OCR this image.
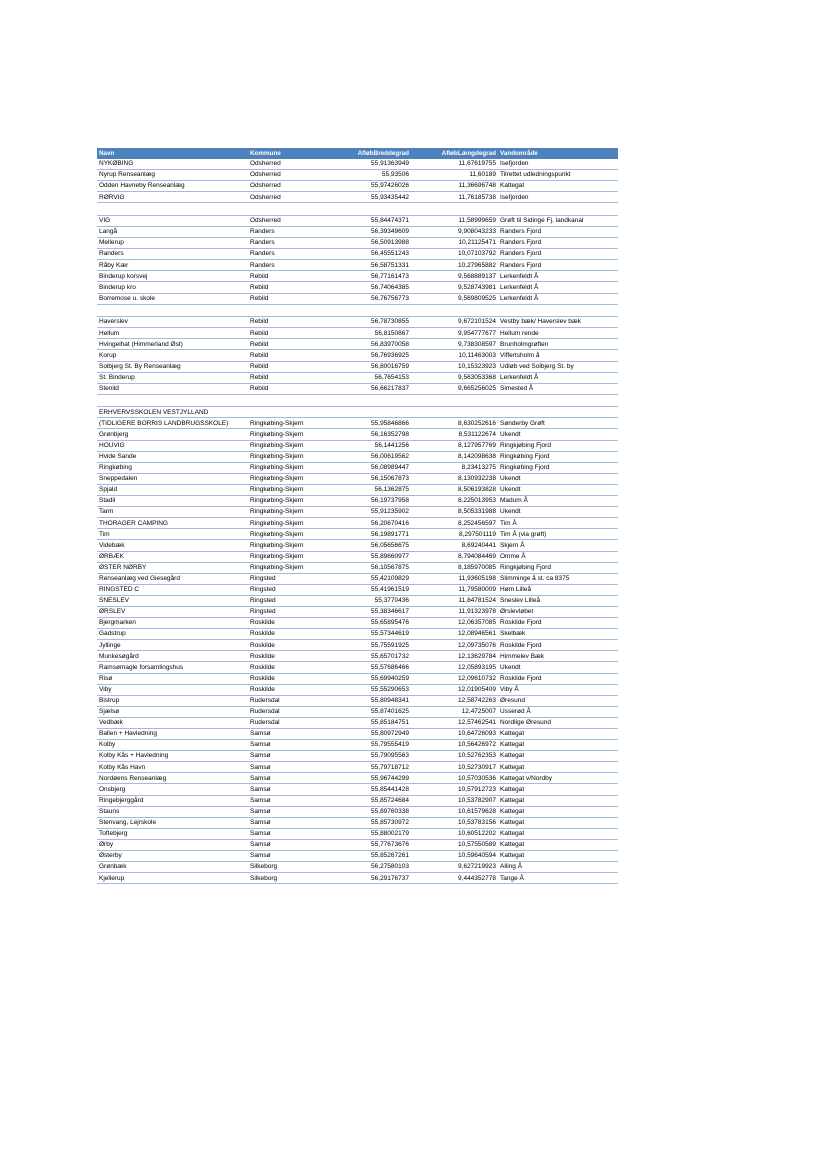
Navn	Kommune	AfløbBreddegrad	AfløbLængdegrad	Vandområde
NYKØBING	Odsherred	55,91363949	11,67619755	Isefjorden
Nyrup Renseanlæg	Odsherred	55,93506	11,60189	Tilrettet udledningspunkt
Odden Havneby Renseanlæg	Odsherred	55,97426026	11,36696748	Kattegat
RØRVIG	Odsherred	55,93435442	11,76185738	Isefjorden

VIG	Odsherred	55,84474371	11,58999659	Grøft til Sidinge Fj. landkanal
Langå	Randers	56,39349609	9,908043233	Randers Fjord
Mellerup	Randers	56,50913988	10,21125471	Randers Fjord
Randers	Randers	56,45551243	10,07103792	Randers Fjord
Råby Kær	Randers	56,58751331	10,27965882	Randers Fjord
Binderup korsvej	Rebild	56,77161473	9,568889137	Lerkenfeldt Å
Binderup kro	Rebild	56,74064385	9,528743981	Lerkenfeldt Å
Borremose u. skole	Rebild	56,76756773	9,569809525	Lerkenfeldt Å

Haverslev	Rebild	56,78730855	9,672101524	Vestby bæk/ Haverslev bæk
Hellum	Rebild	56,8150867	9,954777677	Hellum rende
Hvingelhat (Himmerland Øst)	Rebild	56,83970058	9,738308597	Brunholmgrøften
Korup	Rebild	56,76936925	10,11463003	Viffertsholm å
Solbjerg St. By Renseanlæg	Rebild	56,80016759	10,15323923	Udløb ved Solbjerg St. by
St. Binderup	Rebild	56,7654153	9,563053368	Lerkenfeldt Å
Stenild	Rebild	56,66217837	9,665256025	Simested Å

ERHVERVSSKOLEN VESTJYLLAND				
(TIDLIGERE BORRIS LANDBRUGSSKOLE)	Ringkøbing-Skjern	55,95846866	8,630252616	Sønderby Grøft
Grønbjerg	Ringkøbing-Skjern	56,16352798	8,531122674	Ukendt
HOUVIG	Ringkøbing-Skjern	56,1441256	8,127957769	Ringkjøbing Fjord
Hvide Sande	Ringkøbing-Skjern	56,00619562	8,142098638	Ringkøbing Fjord
Ringkøbing	Ringkøbing-Skjern	56,08989447	8,23413275	Ringkøbing Fjord
Sneppedalen	Ringkøbing-Skjern	56,15067873	8,130932238	Ukendt
Spjald	Ringkøbing-Skjern	56,1362875	8,506193828	Ukendt
Stadil	Ringkøbing-Skjern	56,19737958	8,225013953	Madum Å
Tarm	Ringkøbing-Skjern	55,91235902	8,505331988	Ukendt
THORAGER CAMPING	Ringkøbing-Skjern	56,20670416	8,252456597	Tim Å
Tim	Ringkøbing-Skjern	56,19891771	8,297501119	Tim Å (via grøft)
Videbæk	Ringkøbing-Skjern	56,05656675	8,69240441	Skjern Å
ØRBÆK	Ringkøbing-Skjern	55,89660977	8,794084469	Omme Å
ØSTER NØRBY	Ringkøbing-Skjern	56,10567875	8,185970085	Ringkjøbing Fjord
Renseanlæg ved Giesegård	Ringsted	55,42109829	11,93605198	Slimminge å st. ca 8375
RINGSTED C	Ringsted	55,41961519	11,79580009	Høm Lilleå
SNESLEV	Ringsted	55,3770436	11,84781524	Sneslev Lilleå
ØRSLEV	Ringsted	55,38346617	11,91323978	Ørslevløbet
Bjergmarken	Roskilde	55,65895476	12,06357085	Roskilde Fjord
Gadstrup	Roskilde	55,57344619	12,08946561	Skelbæk
Jyllinge	Roskilde	55,75591925	12,09735076	Roskilde Fjord
Munkesøgård	Roskilde	55,65701732	12,13629784	Himmelev Bæk
Ramsømagle forsamlingshus	Roskilde	55,57686466	12,05893195	Ukendt
Risø	Roskilde	55,69940259	12,09610732	Roskilde Fjord
Viby	Roskilde	55,55290653	12,01905409	Viby Å
Bistrup	Rudersdal	55,80948341	12,58742263	Øresund
Sjælsø	Rudersdal	55,87401625	12,4725007	Usserød Å
Vedbæk	Rudersdal	55,85184751	12,57462541	Nordlige Øresund
Ballen + Havledning	Samsø	55,80972949	10,64726093	Kattegat
Kolby	Samsø	55,79555419	10,56426972	Kattegat
Kolby Kås + Havledning	Samsø	55,79095563	10,52762353	Kattegat
Kolby Kås Havn	Samsø	55,79718712	10,52730917	Kattegat
Nordøens Renseanlæg	Samsø	55,96744299	10,57030536	Kattegat v/Nordby
Onsbjerg	Samsø	55,85441428	10,57912723	Kattegat
Ringebjerggård	Samsø	55,85724684	10,53782907	Kattegat
Stauns	Samsø	55,89760338	10,61579628	Kattegat
Stenvang, Lejrskole	Samsø	55,85730972	10,53783156	Kattegat
Toftebjerg	Samsø	55,88002179	10,60512202	Kattegat
Ørby	Samsø	55,77673676	10,57550589	Kattegat
Østerby	Samsø	55,85267261	10,59640594	Kattegat
Grønbæk	Silkeborg	56,27580103	9,627219923	Alling Å
Kjellerup	Silkeborg	56,29176737	9,444352778	Tange Å
